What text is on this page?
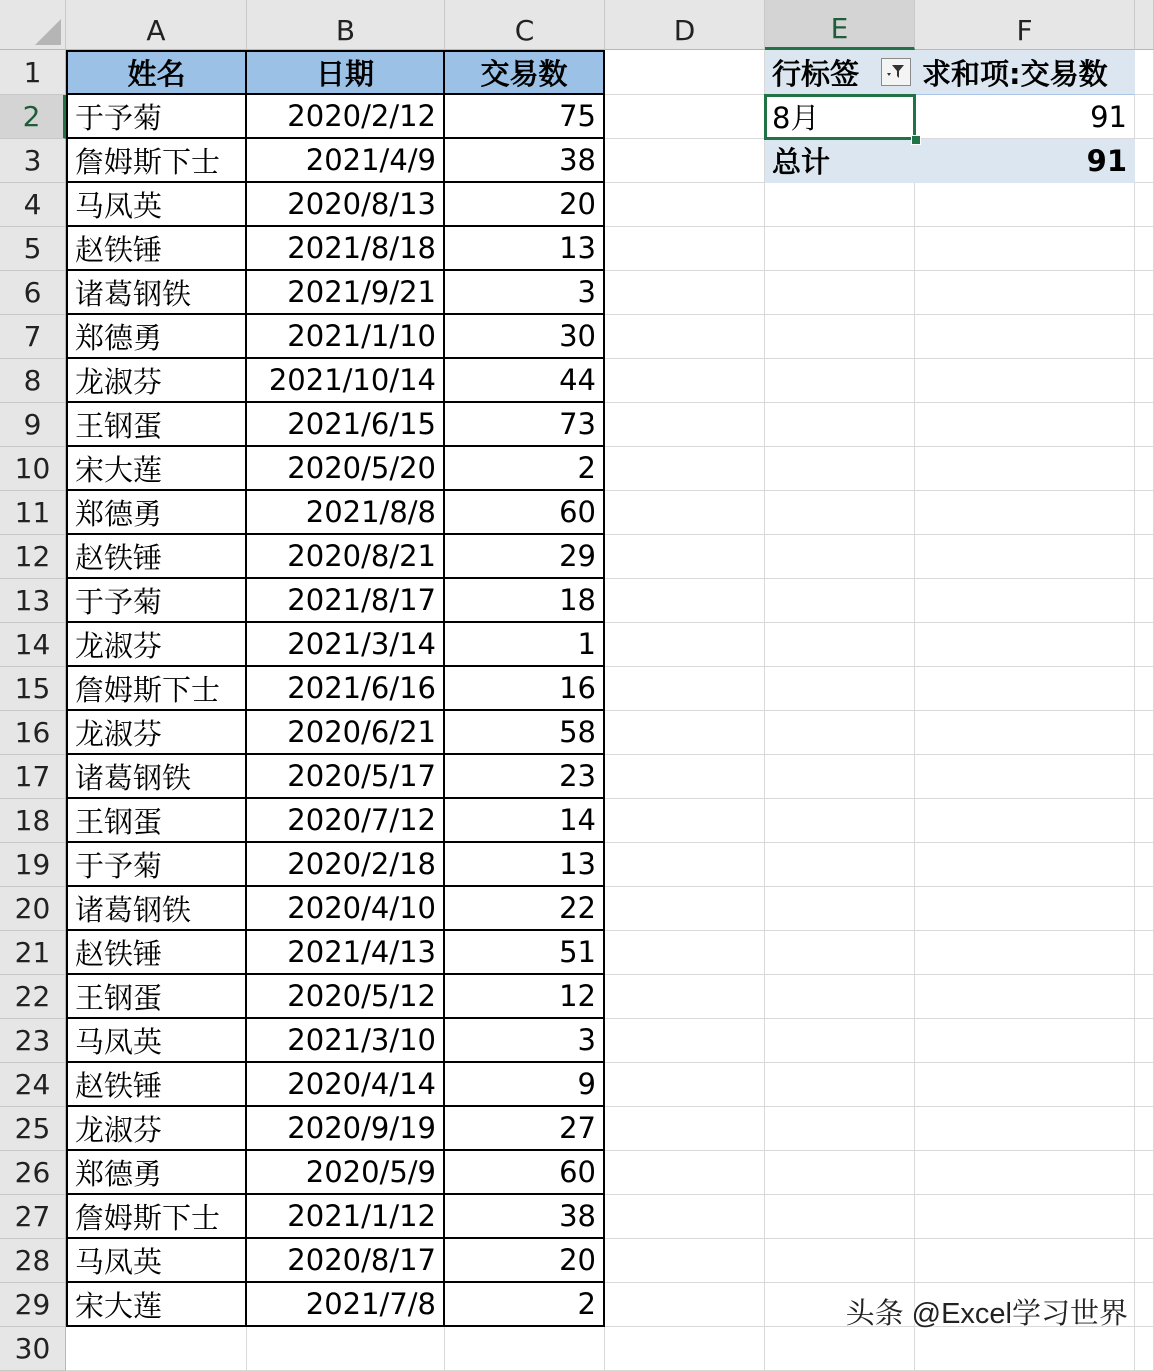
A	B	C	D	E	F
1
2
3
4
5
6
7
8
9
10
11
12
13
14
15
16
17
18
19
20
21
22
23
24
25
26
27
28
29
30
姓名	日期	交易数
于予菊	2020/2/12	75
詹姆斯下士	2021/4/9	38
马凤英	2020/8/13	20
赵铁锤	2021/8/18	13
诸葛钢铁	2021/9/21	3
郑德勇	2021/1/10	30
龙淑芬	2021/10/14	44
王钢蛋	2021/6/15	73
宋大莲	2020/5/20	2
郑德勇	2021/8/8	60
赵铁锤	2020/8/21	29
于予菊	2021/8/17	18
龙淑芬	2021/3/14	1
詹姆斯下士	2021/6/16	16
龙淑芬	2020/6/21	58
诸葛钢铁	2020/5/17	23
王钢蛋	2020/7/12	14
于予菊	2020/2/18	13
诸葛钢铁	2020/4/10	22
赵铁锤	2021/4/13	51
王钢蛋	2020/5/12	12
马凤英	2021/3/10	3
赵铁锤	2020/4/14	9
龙淑芬	2020/9/19	27
郑德勇	2020/5/9	60
詹姆斯下士	2021/1/12	38
马凤英	2020/8/17	20
宋大莲	2021/7/8	2
行标签	求和项:交易数
8月	91
总计	91
头条 @Excel学习世界
